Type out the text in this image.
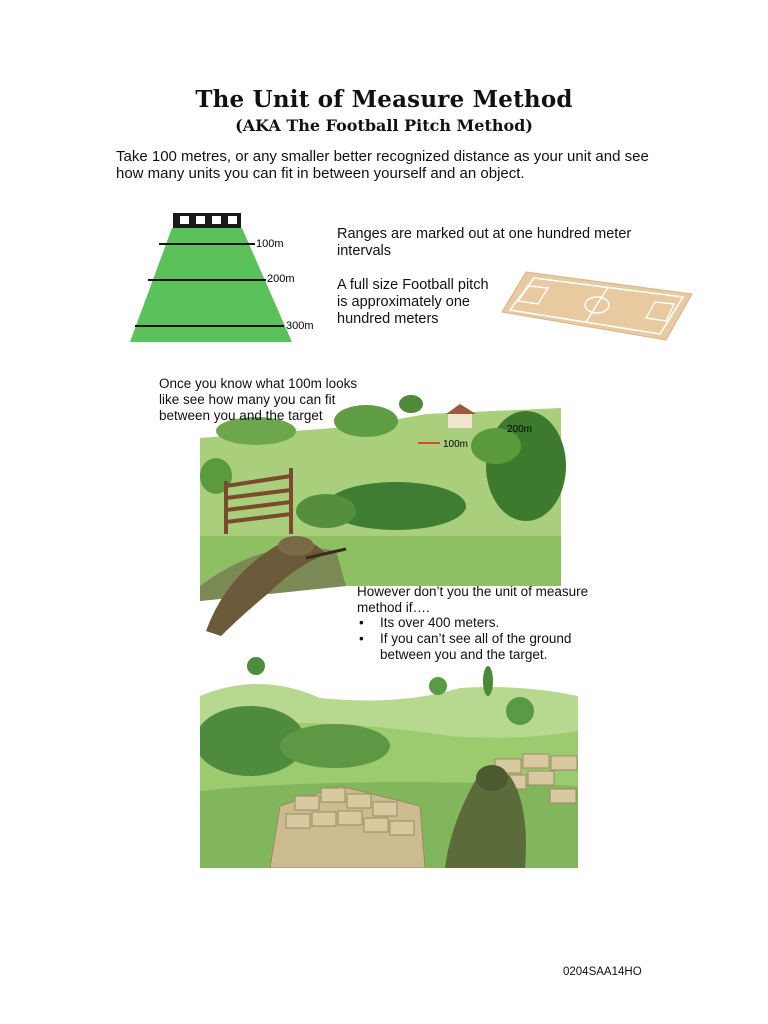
The Unit of Measure Method
(AKA The Football Pitch Method)
Take 100 metres, or any smaller better recognized distance as your unit and see how many units you can fit in between yourself and an object.
100m
200m
300m
Ranges are marked out at one hundred meter intervals
A full size Football pitch is approximately one hundred meters
100m
200m
Once you know what 100m looks like see how many you can fit between you and the target
However don’t you the unit of measure method if….
• Its over 400 meters.
• If you can’t see all of the ground between you and the target.
0204SAA14HO
